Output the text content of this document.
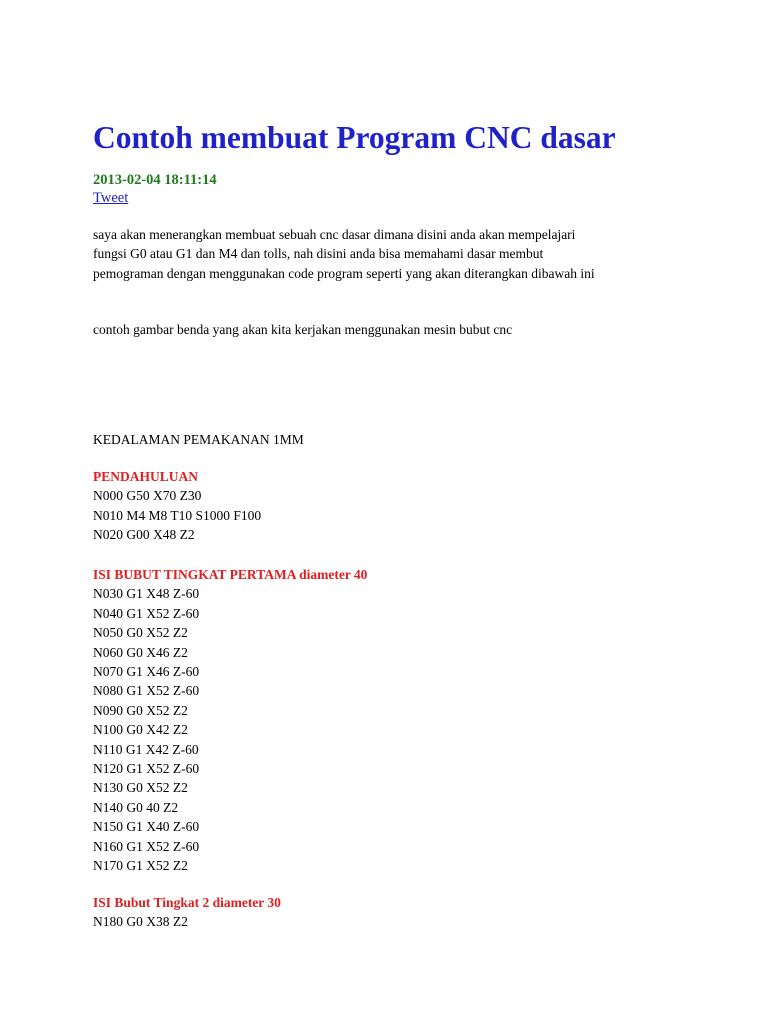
Contoh membuat Program CNC dasar
2013-02-04 18:11:14
Tweet

saya akan menerangkan membuat sebuah cnc dasar dimana disini anda akan mempelajari
fungsi G0 atau G1 dan M4 dan tolls, nah disini anda bisa memahami dasar membut
pemograman dengan menggunakan code program seperti yang akan diterangkan dibawah ini

contoh gambar benda yang akan kita kerjakan menggunakan mesin bubut cnc

KEDALAMAN PEMAKANAN 1MM

PENDAHULUAN
N000 G50 X70 Z30
N010 M4 M8 T10 S1000 F100
N020 G00 X48 Z2
ISI BUBUT TINGKAT PERTAMA diameter 40
N030 G1 X48 Z-60
N040 G1 X52 Z-60
N050 G0 X52 Z2
N060 G0 X46 Z2
N070 G1 X46 Z-60
N080 G1 X52 Z-60
N090 G0 X52 Z2
N100 G0 X42 Z2
N110 G1 X42 Z-60
N120 G1 X52 Z-60
N130 G0 X52 Z2
N140 G0 40 Z2
N150 G1 X40 Z-60
N160 G1 X52 Z-60
N170 G1 X52 Z2
ISI Bubut Tingkat 2 diameter 30
N180 G0 X38 Z2
